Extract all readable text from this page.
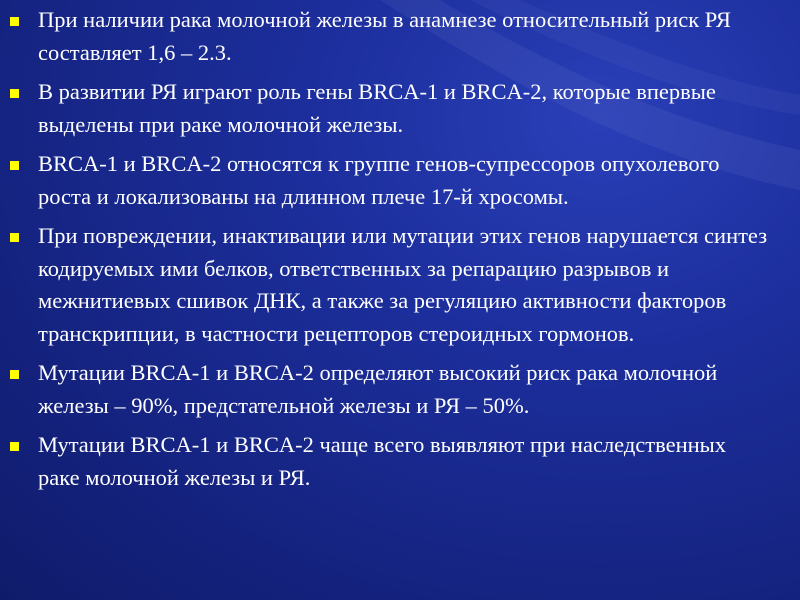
При наличии рака молочной железы в анамнезе относительный риск РЯ составляет 1,6 – 2.3.
В развитии РЯ играют роль гены BRCA-1 и BRCA-2, которые впервые выделены при раке молочной железы.
BRCA-1 и BRCA-2 относятся к группе генов-супрессоров опухолевого роста и локализованы на длинном плече 17-й хросомы.
При повреждении, инактивации или мутации этих генов нарушается синтез кодируемых ими белков, ответственных за репарацию разрывов и межнитиевых сшивок ДНК, а также за регуляцию активности факторов транскрипции, в частности рецепторов стероидных гормонов.
Мутации BRCA-1 и BRCA-2 определяют высокий риск рака молочной железы – 90%, предстательной железы и РЯ – 50%.
Мутации BRCA-1 и BRCA-2 чаще всего выявляют при наследственных раке молочной железы и РЯ.
